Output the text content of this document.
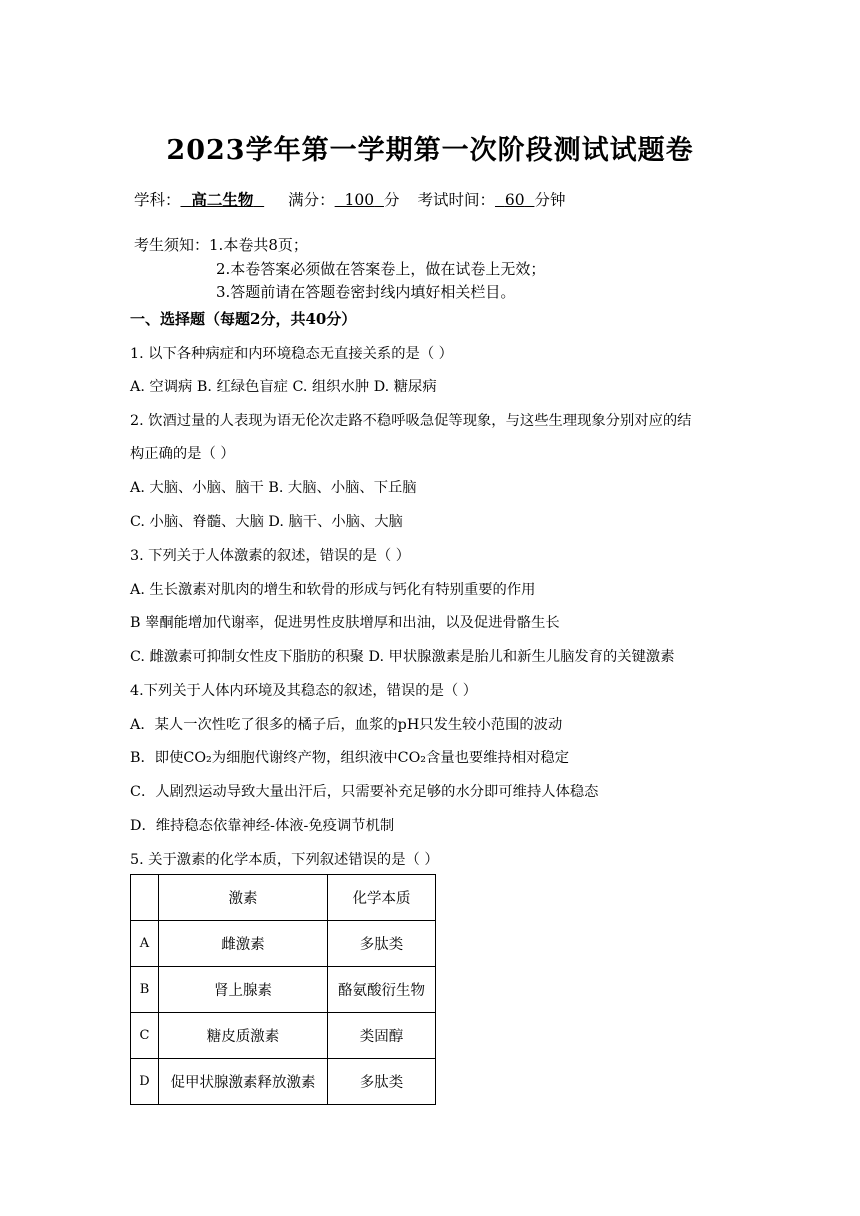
2023学年第一学期第一次阶段测试试题卷
学科： 高二生物 满分： 100 分 考试时间： 60 分钟
考生须知：1.本卷共8页；
2.本卷答案必须做在答案卷上，做在试卷上无效；
3.答题前请在答题卷密封线内填好相关栏目。
一、选择题（每题2分，共40分）
1. 以下各种病症和内环境稳态无直接关系的是（ ）
A. 空调病 B. 红绿色盲症 C. 组织水肿 D. 糖尿病
2. 饮酒过量的人表现为语无伦次走路不稳呼吸急促等现象，与这些生理现象分别对应的结
构正确的是（ ）
A. 大脑、小脑、脑干 B. 大脑、小脑、下丘脑
C. 小脑、脊髓、大脑 D. 脑干、小脑、大脑
3. 下列关于人体激素的叙述，错误的是（ ）
A. 生长激素对肌肉的增生和软骨的形成与钙化有特别重要的作用
B 睾酮能增加代谢率，促进男性皮肤增厚和出油，以及促进骨骼生长
C. 雌激素可抑制女性皮下脂肪的积聚 D. 甲状腺激素是胎儿和新生儿脑发育的关键激素
4.下列关于人体内环境及其稳态的叙述，错误的是（ ）
A．某人一次性吃了很多的橘子后，血浆的pH只发生较小范围的波动
B．即使CO₂为细胞代谢终产物，组织液中CO₂含量也要维持相对稳定
C．人剧烈运动导致大量出汗后，只需要补充足够的水分即可维持人体稳态
D．维持稳态依靠神经-体液-免疫调节机制
5. 关于激素的化学本质，下列叙述错误的是（ ）
	激素	化学本质
A	雌激素	多肽类
B	肾上腺素	酪氨酸衍生物
C	糖皮质激素	类固醇
D	促甲状腺激素释放激素	多肽类
